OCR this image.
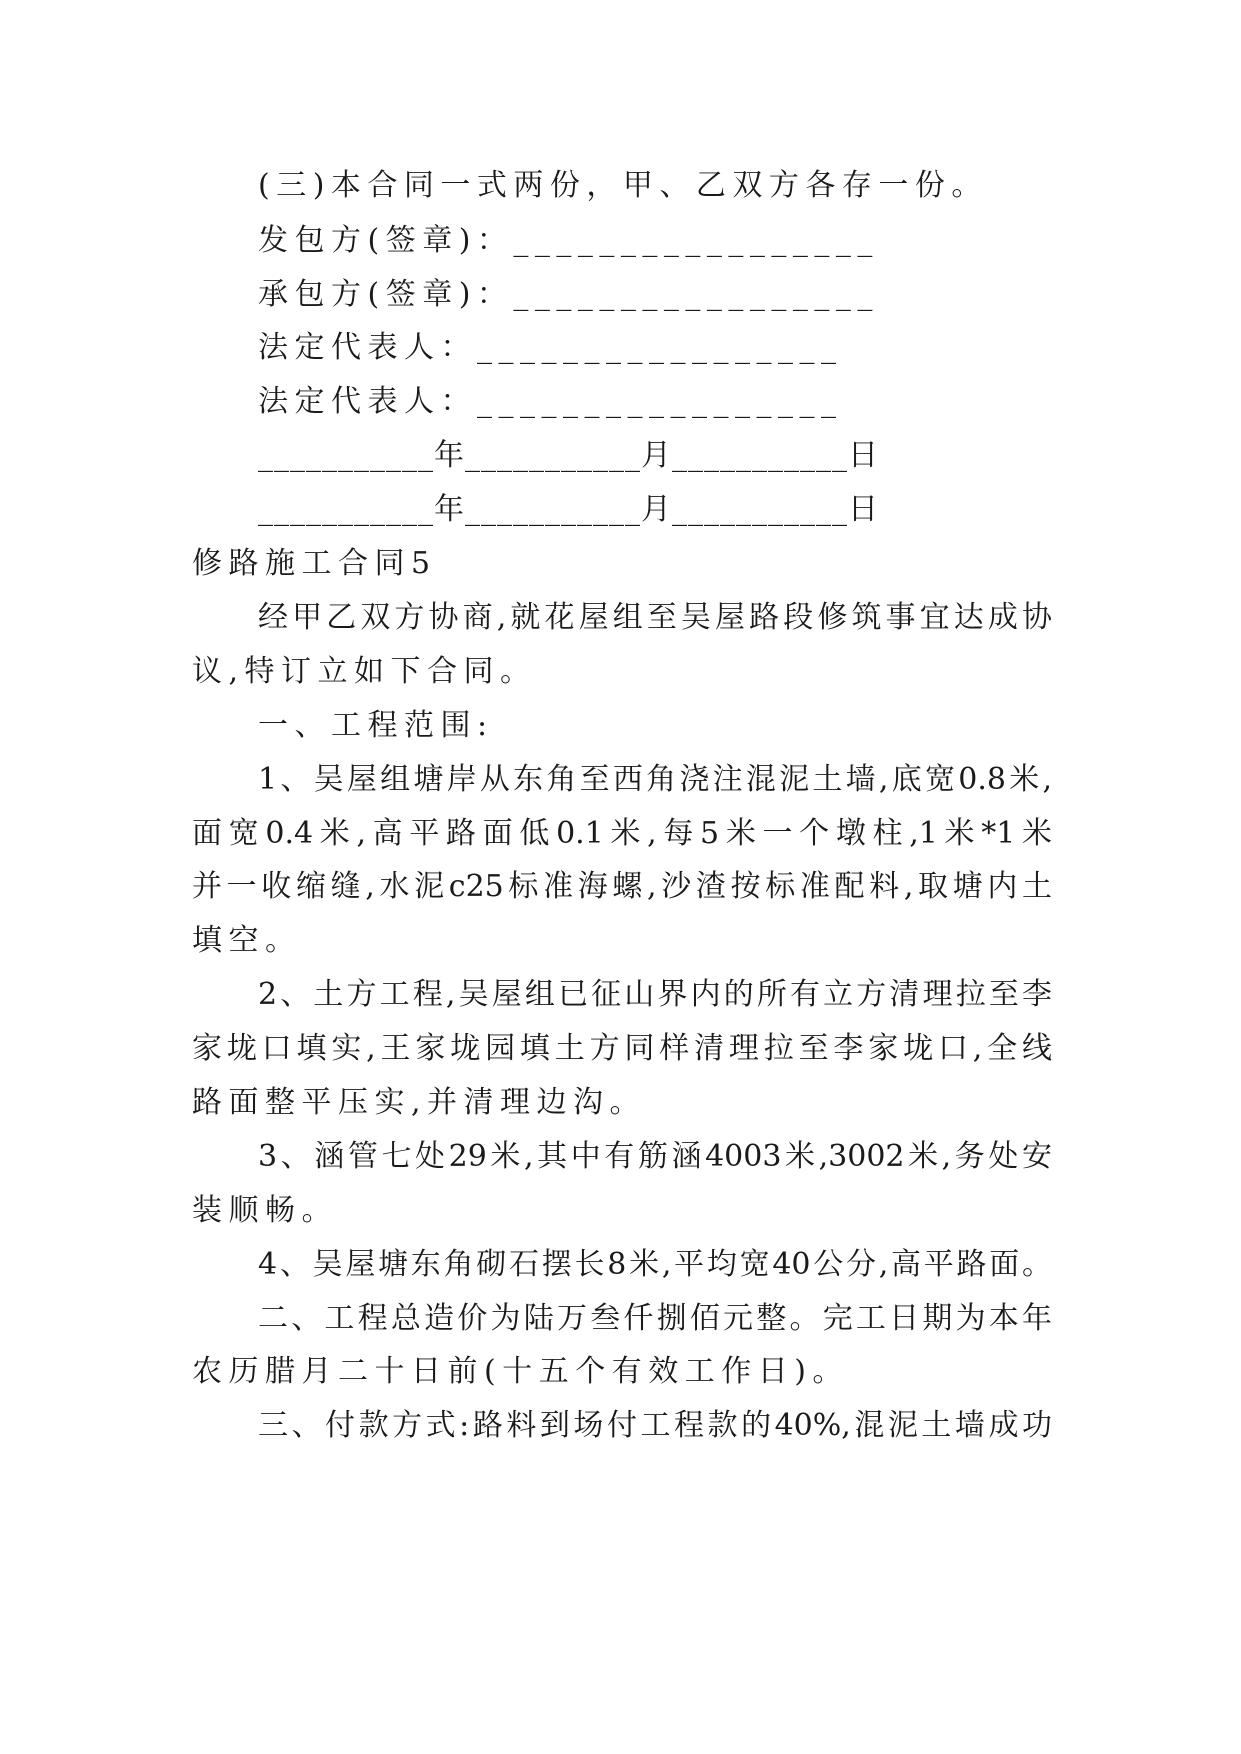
(三)本合同一式两份，甲、乙双方各存一份。
发包方(签章)：_________________
承包方(签章)：_________________
法定代表人：_________________
法定代表人：_________________
___________年___________月___________日
___________年___________月___________日
修路施工合同5
经甲乙双方协商,就花屋组至吴屋路段修筑事宜达成协
议,特订立如下合同。
一、工程范围:
1、吴屋组塘岸从东角至西角浇注混泥土墙,底宽0.8米,
面宽0.4米,高平路面低0.1米,每5米一个墩柱,1米*1米
并一收缩缝,水泥c25标准海螺,沙渣按标准配料,取塘内土
填空。
2、土方工程,吴屋组已征山界内的所有立方清理拉至李
家垅口填实,王家垅园填土方同样清理拉至李家垅口,全线
路面整平压实,并清理边沟。
3、涵管七处29米,其中有筋涵4003米,3002米,务处安
装顺畅。
4、吴屋塘东角砌石摆长8米,平均宽40公分,高平路面。
二、工程总造价为陆万叁仟捌佰元整。完工日期为本年
农历腊月二十日前(十五个有效工作日)。
三、付款方式:路料到场付工程款的40%,混泥土墙成功
